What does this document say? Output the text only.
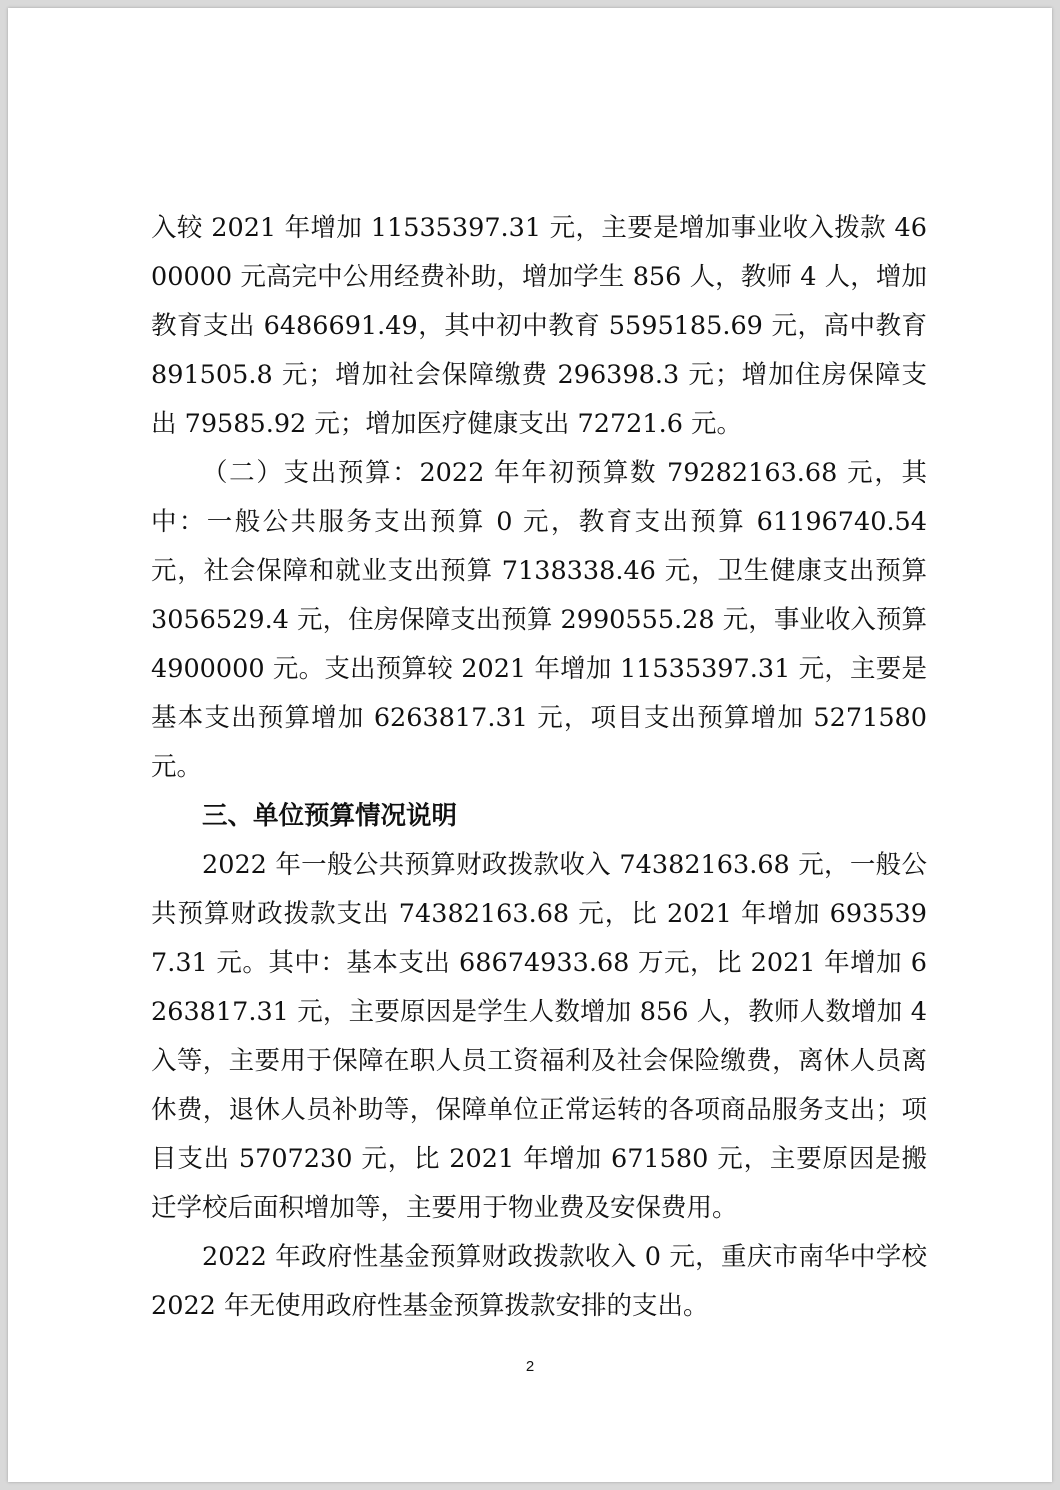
入较 2021 年增加 11535397.31 元，主要是增加事业收入拨款 4600000 元高完中公用经费补助，增加学生 856 人，教师 4 人，增加教育支出 6486691.49，其中初中教育 5595185.69 元，高中教育 891505.8 元；增加社会保障缴费 296398.3 元；增加住房保障支出 79585.92 元；增加医疗健康支出 72721.6 元。

（二）支出预算：2022 年年初预算数 79282163.68 元，其中：一般公共服务支出预算 0 元，教育支出预算 61196740.54 元，社会保障和就业支出预算 7138338.46 元，卫生健康支出预算 3056529.4 元，住房保障支出预算 2990555.28 元，事业收入预算 4900000 元。支出预算较 2021 年增加 11535397.31 元，主要是基本支出预算增加 6263817.31 元，项目支出预算增加 5271580 元。

三、单位预算情况说明

2022 年一般公共预算财政拨款收入 74382163.68 元，一般公共预算财政拨款支出 74382163.68 元，比 2021 年增加 6935397.31 元。其中：基本支出 68674933.68 万元，比 2021 年增加 6263817.31 元，主要原因是学生人数增加 856 人，教师人数增加 4 入等，主要用于保障在职人员工资福利及社会保险缴费，离休人员离休费，退休人员补助等，保障单位正常运转的各项商品服务支出；项目支出 5707230 元，比 2021 年增加 671580 元，主要原因是搬迁学校后面积增加等，主要用于物业费及安保费用。

2022 年政府性基金预算财政拨款收入 0 元，重庆市南华中学校 2022 年无使用政府性基金预算拨款安排的支出。

2
